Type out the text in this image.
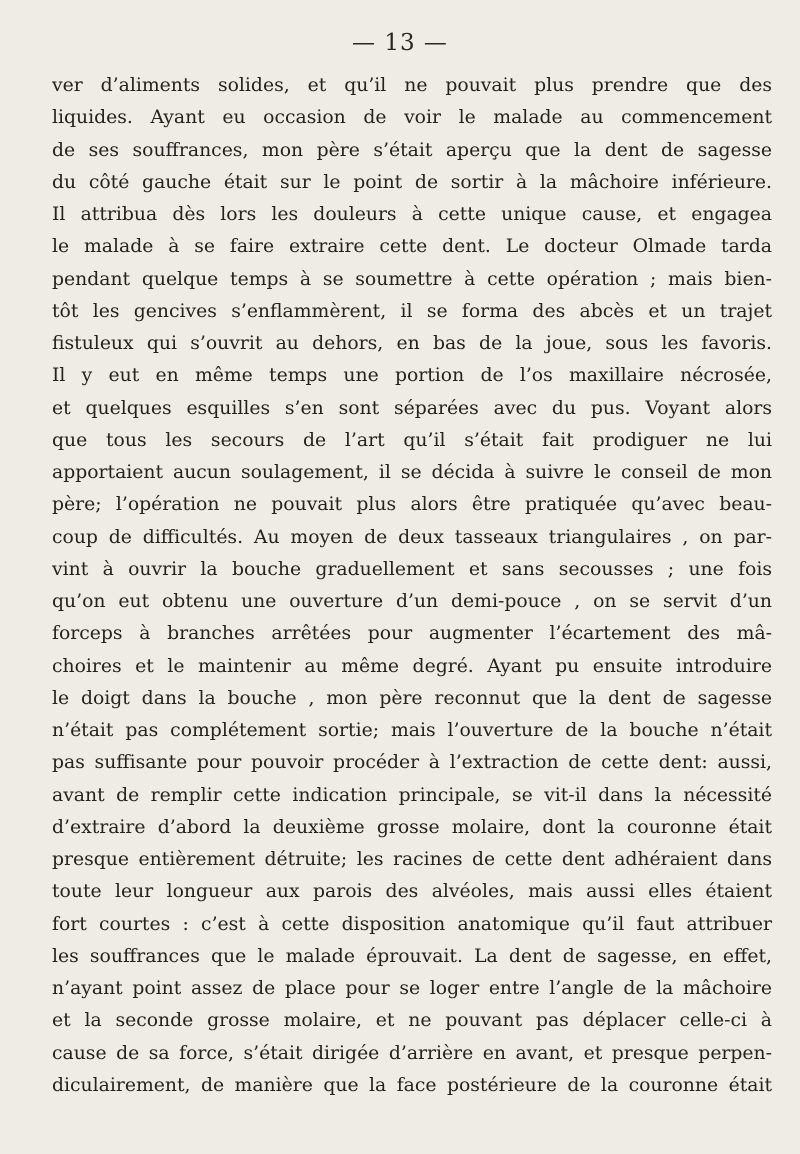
— 13 —
ver d’aliments solides, et qu’il ne pouvait plus prendre que des
liquides. Ayant eu occasion de voir le malade au commencement
de ses souffrances, mon père s’était aperçu que la dent de sagesse
du côté gauche était sur le point de sortir à la mâchoire inférieure.
Il attribua dès lors les douleurs à cette unique cause, et engagea
le malade à se faire extraire cette dent. Le docteur Olmade tarda
pendant quelque temps à se soumettre à cette opération ; mais bien-
tôt les gencives s’enflammèrent, il se forma des abcès et un trajet
fistuleux qui s’ouvrit au dehors, en bas de la joue, sous les favoris.
Il y eut en même temps une portion de l’os maxillaire nécrosée,
et quelques esquilles s’en sont séparées avec du pus. Voyant alors
que tous les secours de l’art qu’il s’était fait prodiguer ne lui
apportaient aucun soulagement, il se décida à suivre le conseil de mon
père; l’opération ne pouvait plus alors être pratiquée qu’avec beau-
coup de difficultés. Au moyen de deux tasseaux triangulaires , on par-
vint à ouvrir la bouche graduellement et sans secousses ; une fois
qu’on eut obtenu une ouverture d’un demi-pouce , on se servit d’un
forceps à branches arrêtées pour augmenter l’écartement des mâ-
choires et le maintenir au même degré. Ayant pu ensuite introduire
le doigt dans la bouche , mon père reconnut que la dent de sagesse
n’était pas complétement sortie; mais l’ouverture de la bouche n’était
pas suffisante pour pouvoir procéder à l’extraction de cette dent: aussi,
avant de remplir cette indication principale, se vit-il dans la nécessité
d’extraire d’abord la deuxième grosse molaire, dont la couronne était
presque entièrement détruite; les racines de cette dent adhéraient dans
toute leur longueur aux parois des alvéoles, mais aussi elles étaient
fort courtes : c’est à cette disposition anatomique qu’il faut attribuer
les souffrances que le malade éprouvait. La dent de sagesse, en effet,
n’ayant point assez de place pour se loger entre l’angle de la mâchoire
et la seconde grosse molaire, et ne pouvant pas déplacer celle-ci à
cause de sa force, s’était dirigée d’arrière en avant, et presque perpen-
diculairement, de manière que la face postérieure de la couronne était
